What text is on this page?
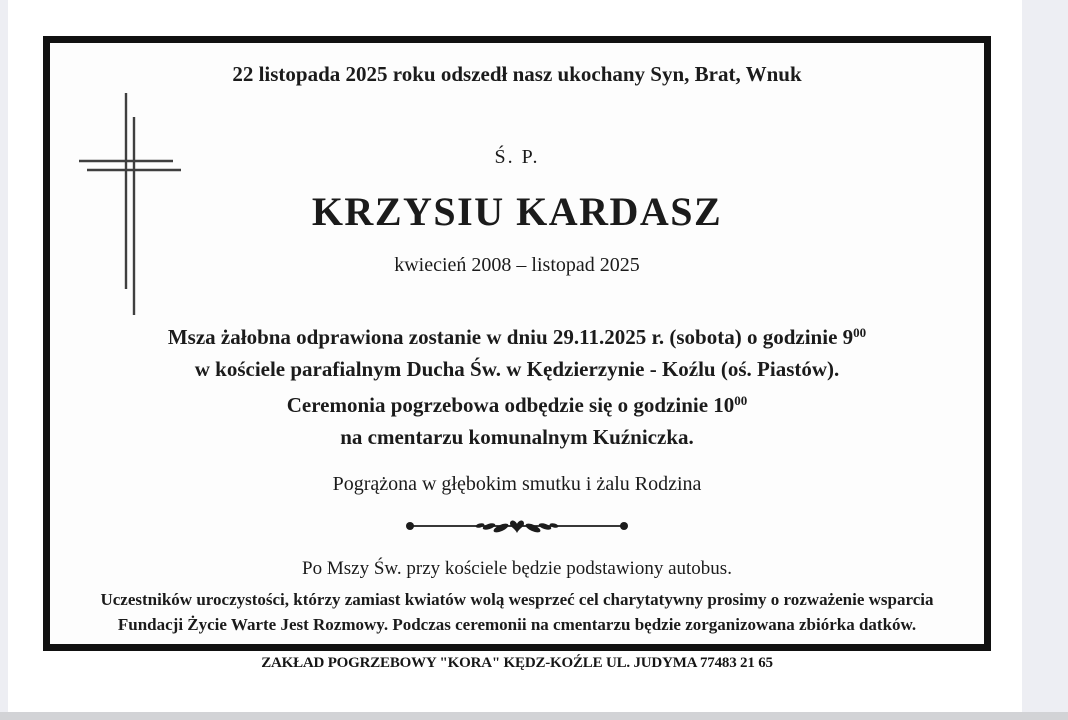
22 listopada 2025 roku odszedł nasz ukochany Syn, Brat, Wnuk
Ś. P.
KRZYSIU KARDASZ
kwiecień 2008 – listopad 2025
Msza żałobna odprawiona zostanie w dniu 29.11.2025 r. (sobota) o godzinie $9^{00}$
w kościele parafialnym Ducha Św. w Kędzierzynie - Koźlu (oś. Piastów).
Ceremonia pogrzebowa odbędzie się o godzinie $10^{00}$
na cmentarzu komunalnym Kuźniczka.
Pogrążona w głębokim smutku i żalu Rodzina
Po Mszy Św. przy kościele będzie podstawiony autobus.
Uczestników uroczystości, którzy zamiast kwiatów wolą wesprzeć cel charytatywny prosimy o rozważenie wsparcia
Fundacji Życie Warte Jest Rozmowy. Podczas ceremonii na cmentarzu będzie zorganizowana zbiórka datków.
ZAKŁAD POGRZEBOWY "KORA" KĘDZ-KOŹLE UL. JUDYMA 77483 21 65
